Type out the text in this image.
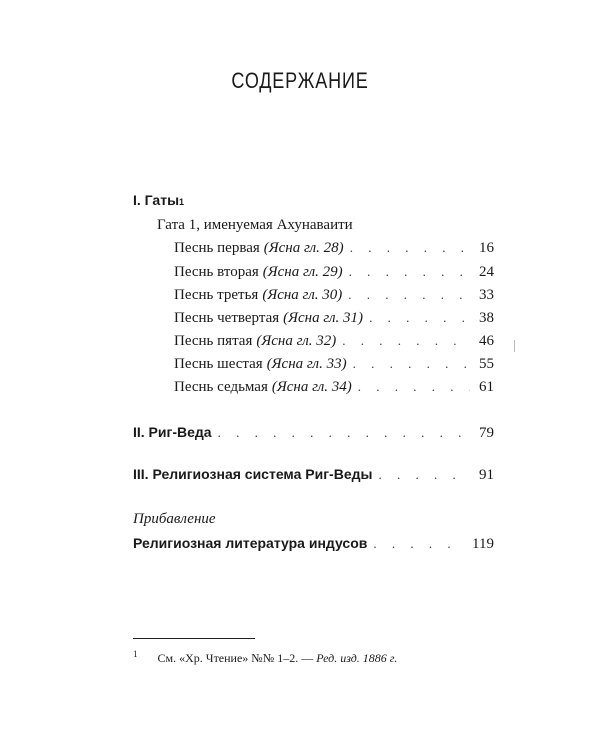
СОДЕРЖАНИЕ
I. Гаты 1
Гата 1, именуемая Ахунаваити
Песнь первая (Ясна гл. 28) . . .	16
Песнь вторая (Ясна гл. 29) . . .	24
Песнь третья (Ясна гл. 30) . . .	33
Песнь четвертая (Ясна гл. 31) . . .	38
Песнь пятая (Ясна гл. 32) . . .	46
Песнь шестая (Ясна гл. 33) . . .	55
Песнь седьмая (Ясна гл. 34) . . .	61
II. Риг-Веда . . .	79
III. Религиозная система Риг-Веды . . .	91
Прибавление
Религиозная литература индусов . . .	119
1 См. «Хр. Чтение» №№ 1–2. — Ред. изд. 1886 г.
